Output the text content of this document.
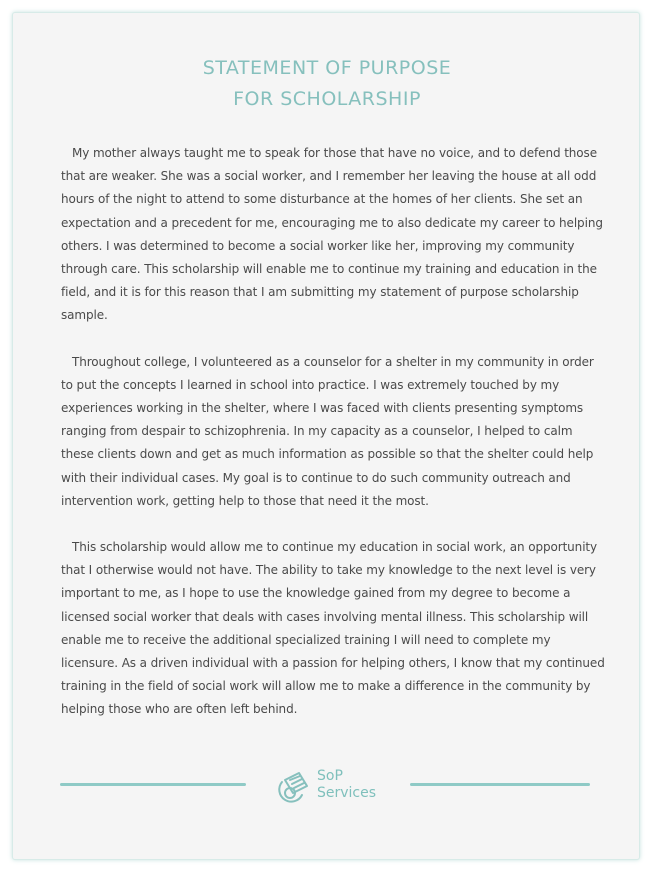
STATEMENT OF PURPOSE
FOR SCHOLARSHIP

My mother always taught me to speak for those that have no voice, and to defend those that are weaker. She was a social worker, and I remember her leaving the house at all odd hours of the night to attend to some disturbance at the homes of her clients. She set an expectation and a precedent for me, encouraging me to also dedicate my career to helping others. I was determined to become a social worker like her, improving my community through care. This scholarship will enable me to continue my training and education in the field, and it is for this reason that I am submitting my statement of purpose scholarship sample.

Throughout college, I volunteered as a counselor for a shelter in my community in order to put the concepts I learned in school into practice. I was extremely touched by my experiences working in the shelter, where I was faced with clients presenting symptoms ranging from despair to schizophrenia. In my capacity as a counselor, I helped to calm these clients down and get as much information as possible so that the shelter could help with their individual cases. My goal is to continue to do such community outreach and intervention work, getting help to those that need it the most.

This scholarship would allow me to continue my education in social work, an opportunity that I otherwise would not have. The ability to take my knowledge to the next level is very important to me, as I hope to use the knowledge gained from my degree to become a licensed social worker that deals with cases involving mental illness. This scholarship will enable me to receive the additional specialized training I will need to complete my licensure. As a driven individual with a passion for helping others, I know that my continued training in the field of social work will allow me to make a difference in the community by helping those who are often left behind.

SoP
Services
